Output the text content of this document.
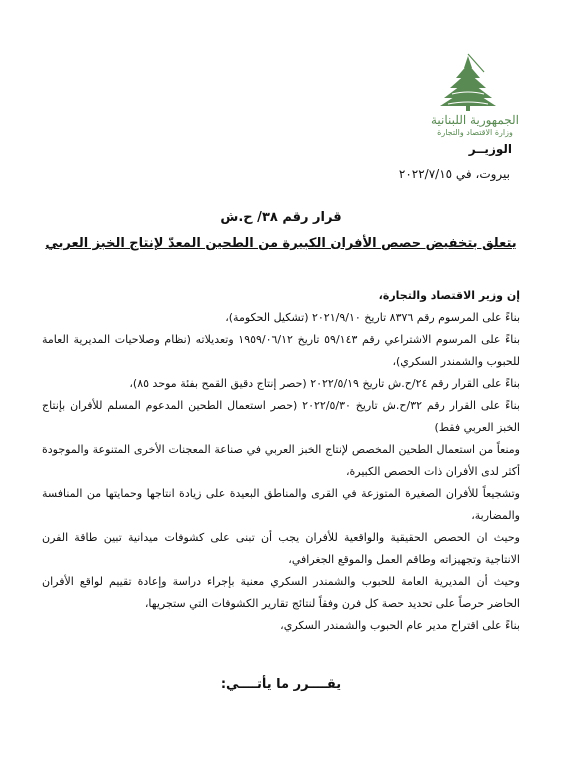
الجمهورية اللبنانية
وزارة الاقتصاد والتجارة
الوزيــر
بيروت، في ٢٠٢٢/٧/١٥
قرار رقم ٣٨/ ح.ش
يتعلق بتخفيض حصص الأفران الكبيرة من الطحين المعدّ لإنتاج الخبز العربي

إن وزير الاقتصاد والتجارة،

بناءً على المرسوم رقم ٨٣٧٦ تاريخ ٢٠٢١/٩/١٠ (تشكيل الحكومة)،

بناءً على المرسوم الاشتراعي رقم ٥٩/١٤٣ تاريخ ١٩٥٩/٠٦/١٢ وتعديلاته (نظام وصلاحيات المديرية العامة للحبوب والشمندر السكري)،

بناءً على القرار رقم ٢٤/ح.ش تاريخ ٢٠٢٢/٥/١٩ (حصر إنتاج دقيق القمح بفئة موحد ٨٥)،

بناءً على القرار رقم ٣٢/ح.ش تاريخ ٢٠٢٢/٥/٣٠ (حصر استعمال الطحين المدعوم المسلم للأفران بإنتاج الخبز العربي فقط)

ومنعاً من استعمال الطحين المخصص لإنتاج الخبز العربي في صناعة المعجنات الأخرى المتنوعة والموجودة أكثر لدى الأفران ذات الحصص الكبيرة،

وتشجيعاً للأفران الصغيرة المتوزعة في القرى والمناطق البعيدة على زيادة انتاجها وحمايتها من المنافسة والمضاربة،

وحيث ان الحصص الحقيقية والواقعية للأفران يجب أن تبنى على كشوفات ميدانية تبين طاقة الفرن الانتاجية وتجهيزاته وطاقم العمل والموقع الجغرافي،

وحيث أن المديرية العامة للحبوب والشمندر السكري معنية بإجراء دراسة وإعادة تقييم لواقع الأفران الحاضر حرصاً على تحديد حصة كل فرن وفقاً لنتائج تقارير الكشوفات التي ستجريها،

بناءً على اقتراح مدير عام الحبوب والشمندر السكري،

يقــــرر ما يأتــــي:
